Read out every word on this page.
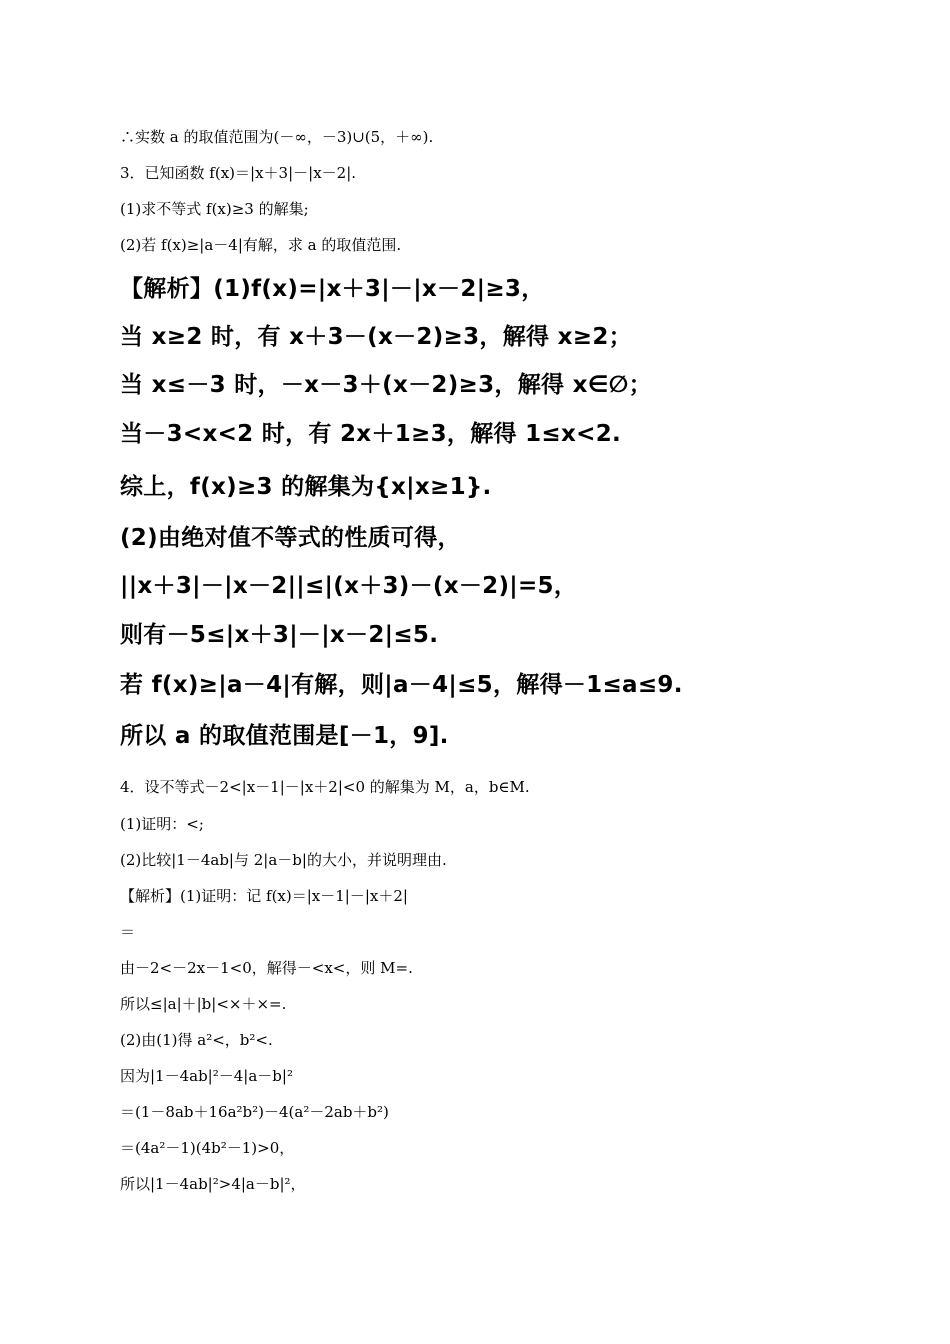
∴实数 a 的取值范围为(－∞，－3)∪(5，＋∞).
3．已知函数 f(x)＝|x＋3|－|x－2|.
(1)求不等式 f(x)≥3 的解集;
(2)若 f(x)≥|a－4|有解，求 a 的取值范围.
【解析】(1)f(x)=|x＋3|－|x－2|≥3，
当 x≥2 时，有 x＋3－(x－2)≥3，解得 x≥2；
当 x≤－3 时，－x－3＋(x－2)≥3，解得 x∈∅；
当－3<x<2 时，有 2x＋1≥3，解得 1≤x<2.
综上，f(x)≥3 的解集为{x|x≥1}.
(2)由绝对值不等式的性质可得，
||x＋3|－|x－2||≤|(x＋3)－(x－2)|=5，
则有－5≤|x＋3|－|x－2|≤5.
若 f(x)≥|a－4|有解，则|a－4|≤5，解得－1≤a≤9.
所以 a 的取值范围是[－1，9].
4．设不等式－2<|x－1|－|x＋2|<0 的解集为 M，a，b∈M.
(1)证明：<;
(2)比较|1－4ab|与 2|a－b|的大小，并说明理由.
【解析】(1)证明：记 f(x)＝|x－1|－|x＋2|
＝
由－2<－2x－1<0，解得－<x<，则 M=.
所以≤|a|＋|b|<×＋×=.
(2)由(1)得 a²<，b²<.
因为|1－4ab|²－4|a－b|²
＝(1－8ab＋16a²b²)－4(a²－2ab＋b²)
＝(4a²－1)(4b²－1)>0，
所以|1－4ab|²>4|a－b|²，
